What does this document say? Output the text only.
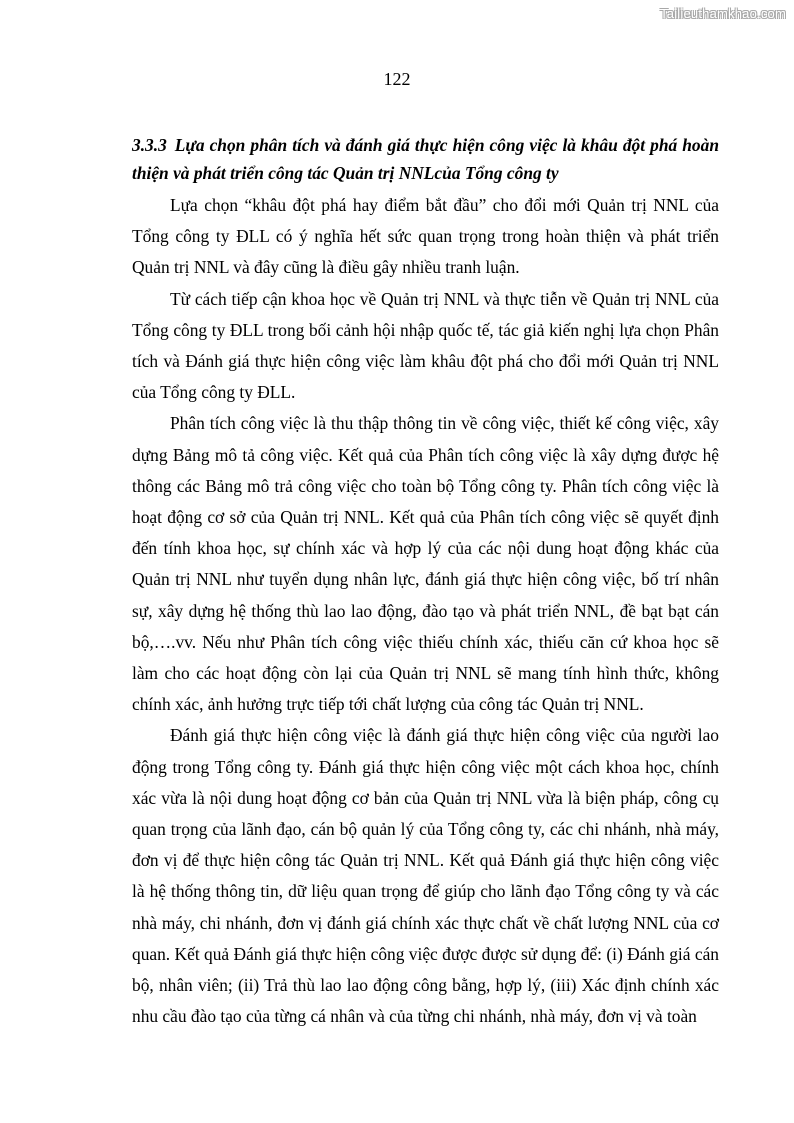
Tailieuthamkhao.com
122
3.3.3 Lựa chọn phân tích và đánh giá thực hiện công việc là khâu đột phá hoàn thiện và phát triển công tác Quản trị NNLcủa Tổng công ty

Lựa chọn “khâu đột phá hay điểm bắt đầu” cho đổi mới Quản trị NNL của Tổng công ty ĐLL có ý nghĩa hết sức quan trọng trong hoàn thiện và phát triển Quản trị NNL và đây cũng là điều gây nhiều tranh luận.

Từ cách tiếp cận khoa học về Quản trị NNL và thực tiễn về Quản trị NNL của Tổng công ty ĐLL trong bối cảnh hội nhập quốc tế, tác giả kiến nghị lựa chọn Phân tích và Đánh giá thực hiện công việc làm khâu đột phá cho đổi mới Quản trị NNL của Tổng công ty ĐLL.

Phân tích công việc là thu thập thông tin về công việc, thiết kế công việc, xây dựng Bảng mô tả công việc. Kết quả của Phân tích công việc là xây dựng được hệ thông các Bảng mô trả công việc cho toàn bộ Tổng công ty. Phân tích công việc là hoạt động cơ sở của Quản trị NNL. Kết quả của Phân tích công việc sẽ quyết định đến tính khoa học, sự chính xác và hợp lý của các nội dung hoạt động khác của Quản trị NNL như tuyển dụng nhân lực, đánh giá thực hiện công việc, bố trí nhân sự, xây dựng hệ thống thù lao lao động, đào tạo và phát triển NNL, đề bạt bạt cán bộ,….vv. Nếu như Phân tích công việc thiếu chính xác, thiếu căn cứ khoa học sẽ làm cho các hoạt động còn lại của Quản trị NNL sẽ mang tính hình thức, không chính xác, ảnh hưởng trực tiếp tới chất lượng của công tác Quản trị NNL.

Đánh giá thực hiện công việc là đánh giá thực hiện công việc của người lao động trong Tổng công ty. Đánh giá thực hiện công việc một cách khoa học, chính xác vừa là nội dung hoạt động cơ bản của Quản trị NNL vừa là biện pháp, công cụ quan trọng của lãnh đạo, cán bộ quản lý của Tổng công ty, các chi nhánh, nhà máy, đơn vị để thực hiện công tác Quản trị NNL. Kết quả Đánh giá thực hiện công việc là hệ thống thông tin, dữ liệu quan trọng để giúp cho lãnh đạo Tổng công ty và các nhà máy, chi nhánh, đơn vị đánh giá chính xác thực chất về chất lượng NNL của cơ quan. Kết quả Đánh giá thực hiện công việc được được sử dụng để: (i) Đánh giá cán bộ, nhân viên; (ii) Trả thù lao lao động công bằng, hợp lý, (iii) Xác định chính xác nhu cầu đào tạo của từng cá nhân và của từng chi nhánh, nhà máy, đơn vị và toàn
